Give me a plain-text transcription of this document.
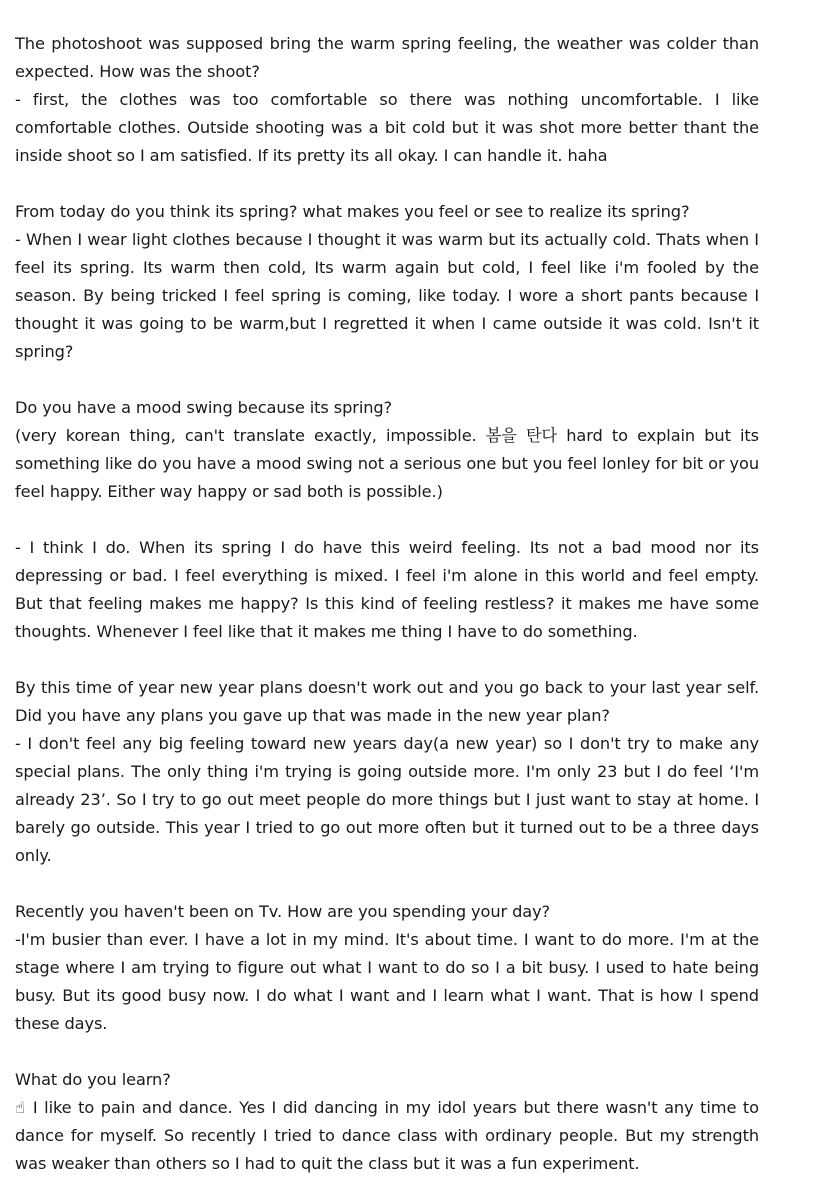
The photoshoot was supposed bring the warm spring feeling, the weather was colder than expected. How was the shoot?

- first, the clothes was too comfortable so there was nothing uncomfortable. I like comfortable clothes. Outside shooting was a bit cold but it was shot more better thant the inside shoot so I am satisfied. If its pretty its all okay. I can handle it. haha

From today do you think its spring? what makes you feel or see to realize its spring?

- When I wear light clothes because I thought it was warm but its actually cold. Thats when I feel its spring. Its warm then cold, Its warm again but cold, I feel like i'm fooled by the season. By being tricked I feel spring is coming, like today. I wore a short pants because I thought it was going to be warm,but I regretted it when I came outside it was cold. Isn't it spring?

Do you have a mood swing because its spring?

(very korean thing, can't translate exactly, impossible. 봄을 탄다 hard to explain but its something like do you have a mood swing not a serious one but you feel lonley for bit or you feel happy. Either way happy or sad both is possible.)

- I think I do. When its spring I do have this weird feeling. Its not a bad mood nor its depressing or bad. I feel everything is mixed. I feel i'm alone in this world and feel empty. But that feeling makes me happy? Is this kind of feeling restless? it makes me have some thoughts. Whenever I feel like that it makes me thing I have to do something.

By this time of year new year plans doesn't work out and you go back to your last year self. Did you have any plans you gave up that was made in the new year plan?

- I don't feel any big feeling toward new years day(a new year) so I don't try to make any special plans. The only thing i'm trying is going outside more. I'm only 23 but I do feel ‘I'm already 23’. So I try to go out meet people do more things but I just want to stay at home. I barely go outside. This year I tried to go out more often but it turned out to be a three days only.

Recently you haven't been on Tv. How are you spending your day?

-I'm busier than ever. I have a lot in my mind. It's about time. I want to do more. I'm at the stage where I am trying to figure out what I want to do so I a bit busy. I used to hate being busy. But its good busy now. I do what I want and I learn what I want. That is how I spend these days.

What do you learn?

☝ I like to pain and dance. Yes I did dancing in my idol years but there wasn't any time to dance for myself. So recently I tried to dance class with ordinary people. But my strength was weaker than others so I had to quit the class but it was a fun experiment.
